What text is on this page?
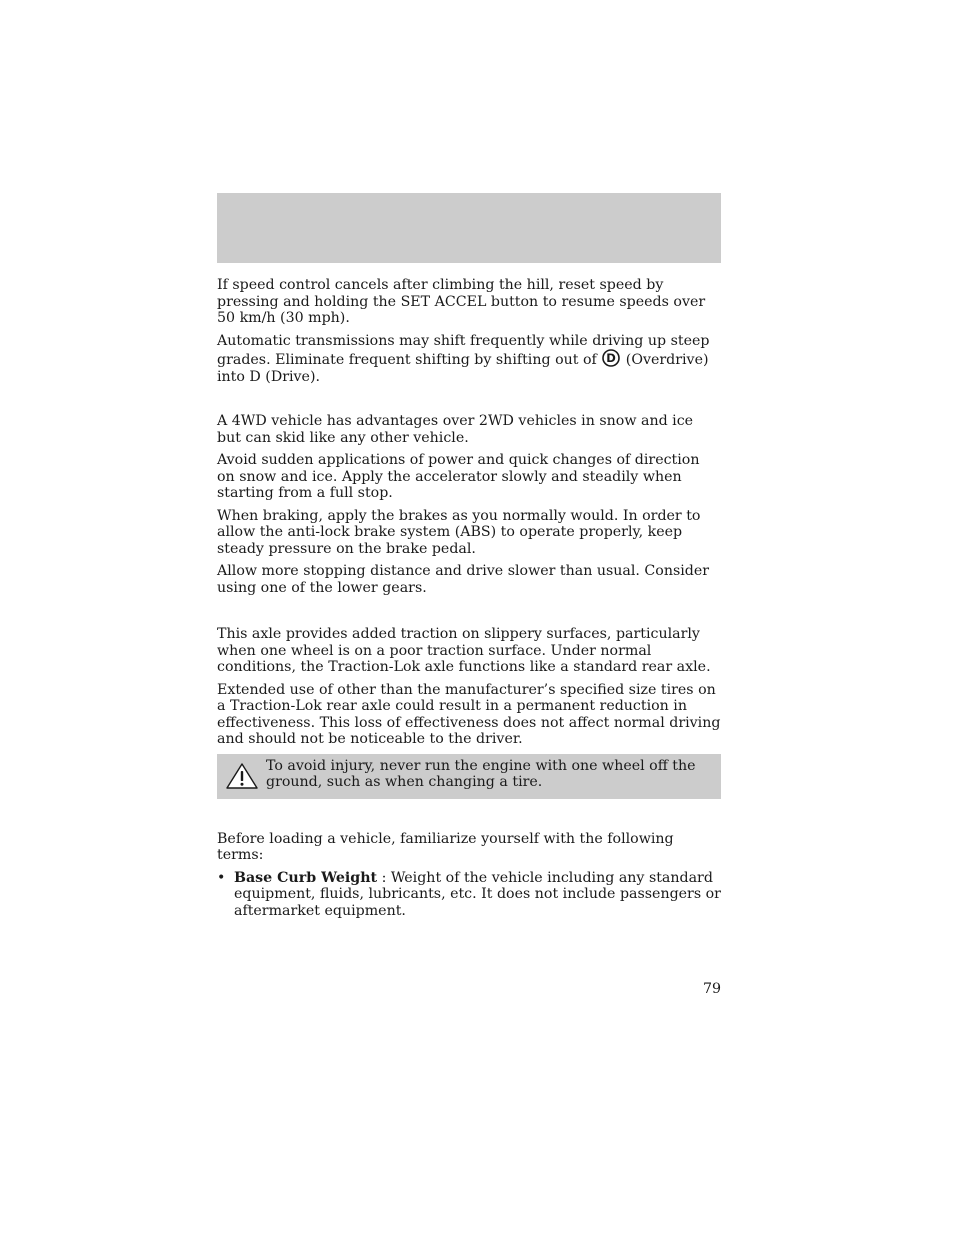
If speed control cancels after climbing the hill, reset speed by pressing and holding the SET ACCEL button to resume speeds over 50 km/h (30 mph).

Automatic transmissions may shift frequently while driving up steep grades. Eliminate frequent shifting by shifting out of D (Overdrive) into D (Drive).

A 4WD vehicle has advantages over 2WD vehicles in snow and ice but can skid like any other vehicle.

Avoid sudden applications of power and quick changes of direction on snow and ice. Apply the accelerator slowly and steadily when starting from a full stop.

When braking, apply the brakes as you normally would. In order to allow the anti-lock brake system (ABS) to operate properly, keep steady pressure on the brake pedal.

Allow more stopping distance and drive slower than usual. Consider using one of the lower gears.

This axle provides added traction on slippery surfaces, particularly when one wheel is on a poor traction surface. Under normal conditions, the Traction-Lok axle functions like a standard rear axle.

Extended use of other than the manufacturer’s specified size tires on a Traction-Lok rear axle could result in a permanent reduction in effectiveness. This loss of effectiveness does not affect normal driving and should not be noticeable to the driver.

To avoid injury, never run the engine with one wheel off the ground, such as when changing a tire.

Before loading a vehicle, familiarize yourself with the following terms:

• Base Curb Weight : Weight of the vehicle including any standard equipment, fluids, lubricants, etc. It does not include passengers or aftermarket equipment.
79
